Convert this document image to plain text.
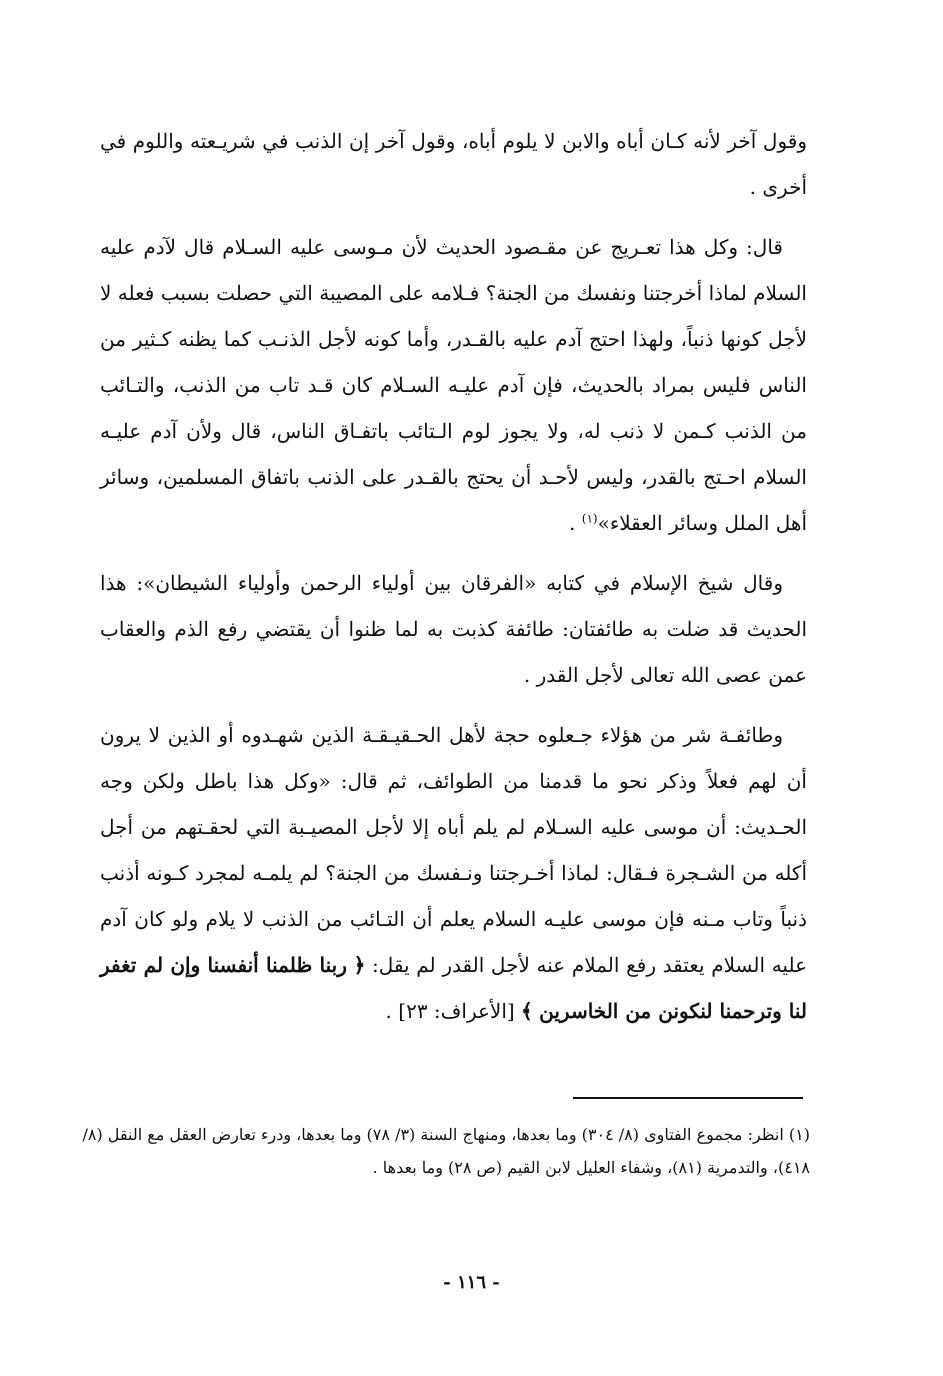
وقول آخر لأنه كـان أباه والابن لا يلوم أباه، وقول آخر إن الذنب في شريـعته واللوم في أخرى .

قال: وكل هذا تعـريج عن مقـصود الحديث لأن مـوسى عليه السـلام قال لآدم عليه السلام لماذا أخرجتنا ونفسك من الجنة؟ فـلامه على المصيبة التي حصلت بسبب فعله لا لأجل كونها ذنباً، ولهذا احتج آدم عليه بالقـدر، وأما كونه لأجل الذنـب كما يظنه كـثير من الناس فليس بمراد بالحديث، فإن آدم عليـه السـلام كان قـد تاب من الذنب، والتـائب من الذنب كـمن لا ذنب له، ولا يجوز لوم الـتائب باتفـاق الناس، قال ولأن آدم عليـه السلام احـتج بالقدر، وليس لأحـد أن يحتج بالقـدر على الذنب باتفاق المسلمين، وسائر أهل الملل وسائر العقلاء»$^{(١)}$ .

وقال شيخ الإسلام في كتابه «الفرقان بين أولياء الرحمن وأولياء الشيطان»: هذا الحديث قد ضلت به طائفتان: طائفة كذبت به لما ظنوا أن يقتضي رفع الذم والعقاب عمن عصى الله تعالى لأجل القدر .

وطائفـة شر من هؤلاء جـعلوه حجة لأهل الحـقيـقـة الذين شهـدوه أو الذين لا يرون أن لهم فعلاً وذكر نحو ما قدمنا من الطوائف، ثم قال: «وكل هذا باطل ولكن وجه الحـديث: أن موسى عليه السـلام لم يلم أباه إلا لأجل المصيـبة التي لحقـتهم من أجل أكله من الشـجرة فـقال: لماذا أخـرجتنا ونـفسك من الجنة؟ لم يلمـه لمجرد كـونه أذنب ذنباً وتاب مـنه فإن موسى عليـه السلام يعلم أن التـائب من الذنب لا يلام ولو كان آدم عليه السلام يعتقد رفع الملام عنه لأجل القدر لم يقل: ﴿ ربنا ظلمنا أنفسنا وإن لم تغفر لنا وترحمنا لنكونن من الخاسرين ﴾ [الأعراف: ٢٣] .

(١) انظر: مجموع الفتاوى (٨/ ٣٠٤) وما بعدها، ومنهاج السنة (٣/ ٧٨) وما بعدها، ودرء تعارض العقل مع النقل (٨/ ٤١٨)، والتدمرية (٨١)، وشفاء العليل لابن القيم (ص ٢٨) وما بعدها .

- ١١٦ -
